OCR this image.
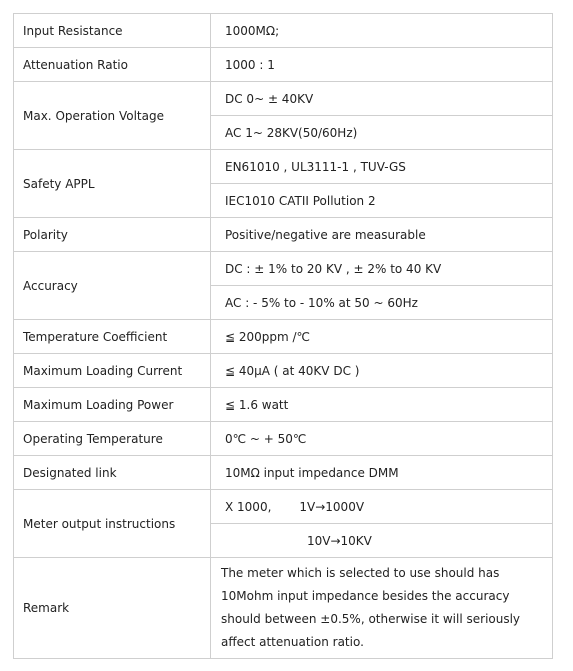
Input Resistance	1000MΩ;
Attenuation Ratio	1000 : 1
Max. Operation Voltage	DC 0~ ± 40KV
	AC 1~ 28KV(50/60Hz)
Safety APPL	EN61010 , UL3111-1 , TUV-GS
	IEC1010 CATII Pollution 2
Polarity	Positive/negative are measurable
Accuracy	DC : ± 1% to 20 KV , ± 2% to 40 KV
	AC : - 5% to - 10% at 50 ~ 60Hz
Temperature Coefficient	≦ 200ppm /℃
Maximum Loading Current	≦ 40μA ( at 40KV DC )
Maximum Loading Power	≦ 1.6 watt
Operating Temperature	0℃ ~ + 50℃
Designated link	10MΩ input impedance DMM
Meter output instructions	X 1000, 1V→1000V
	10V→10KV
Remark	The meter which is selected to use should has 10Mohm input impedance besides the accuracy should between ±0.5%, otherwise it will seriously affect attenuation ratio.
